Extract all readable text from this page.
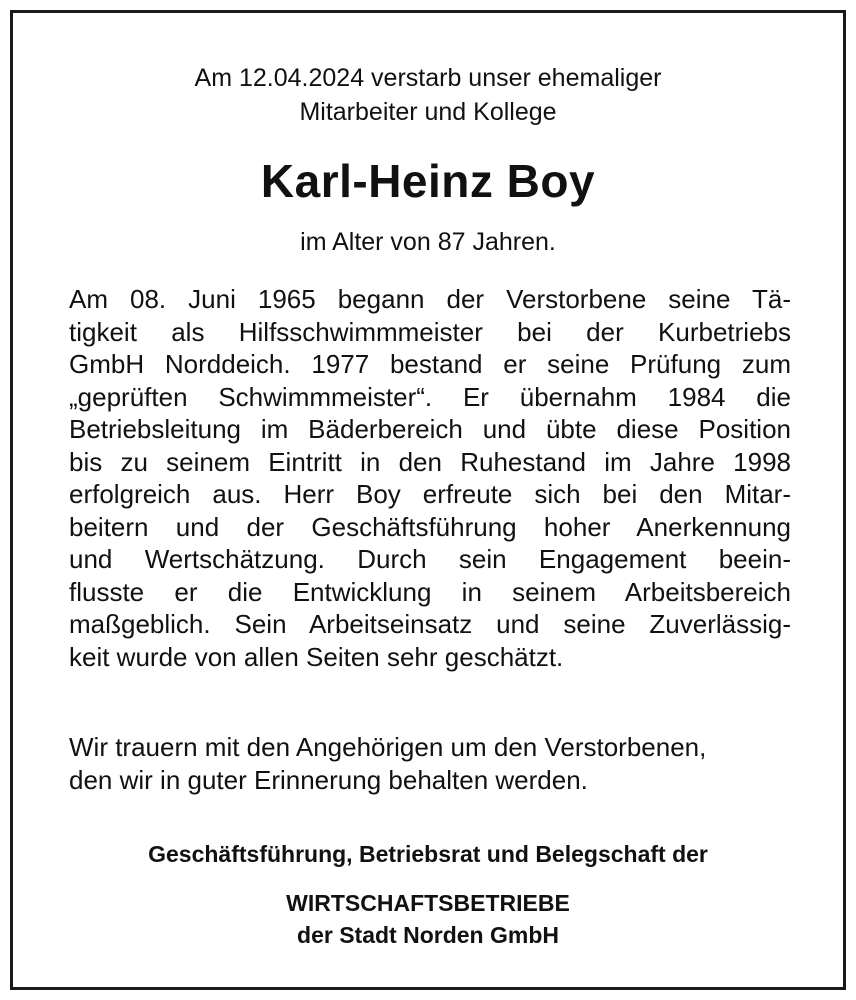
Am 12.04.2024 verstarb unser ehemaliger
Mitarbeiter und Kollege
Karl-Heinz Boy
im Alter von 87 Jahren.
Am 08. Juni 1965 begann der Verstorbene seine Tä-
tigkeit als Hilfsschwimmmeister bei der Kurbetriebs
GmbH Norddeich. 1977 bestand er seine Prüfung zum
„geprüften Schwimmmeister“. Er übernahm 1984 die
Betriebsleitung im Bäderbereich und übte diese Position
bis zu seinem Eintritt in den Ruhestand im Jahre 1998
erfolgreich aus. Herr Boy erfreute sich bei den Mitar-
beitern und der Geschäftsführung hoher Anerkennung
und Wertschätzung. Durch sein Engagement beein-
flusste er die Entwicklung in seinem Arbeitsbereich
maßgeblich. Sein Arbeitseinsatz und seine Zuverlässig-
keit wurde von allen Seiten sehr geschätzt.
Wir trauern mit den Angehörigen um den Verstorbenen,
den wir in guter Erinnerung behalten werden.
Geschäftsführung, Betriebsrat und Belegschaft der
WIRTSCHAFTSBETRIEBE
der Stadt Norden GmbH
